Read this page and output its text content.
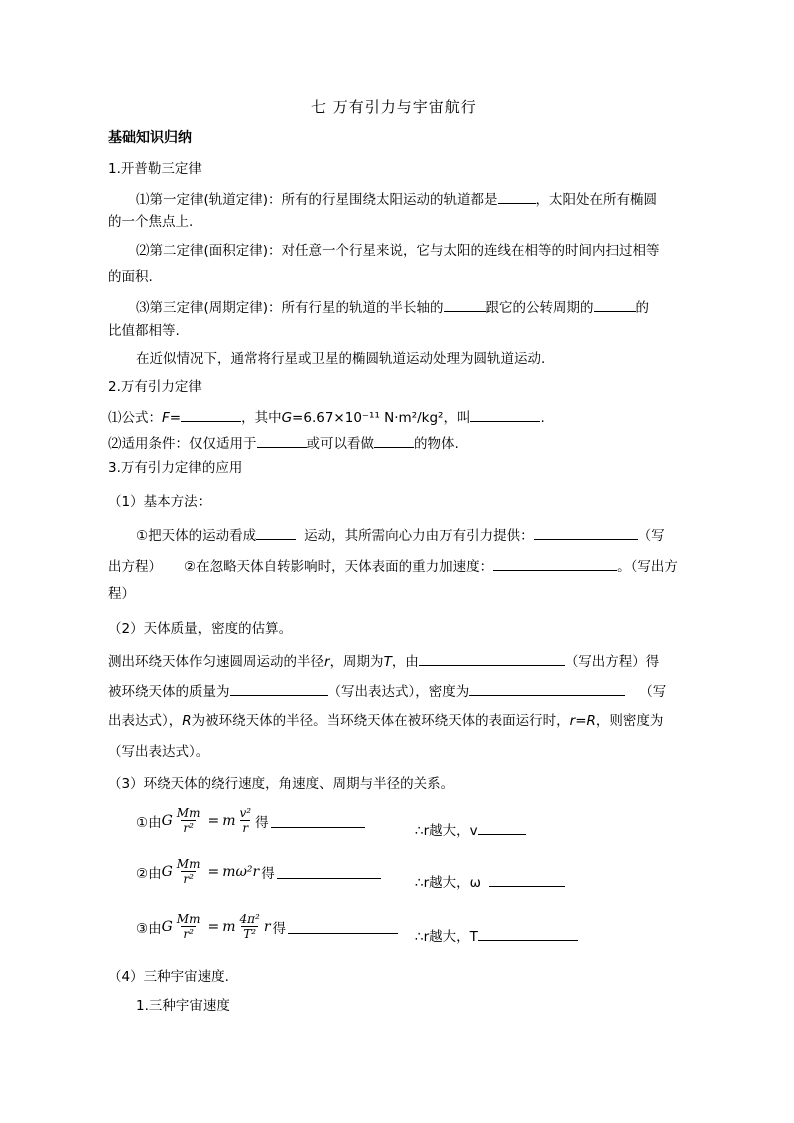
七 万有引力与宇宙航行
基础知识归纳
1.开普勒三定律
⑴第一定律(轨道定律)：所有的行星围绕太阳运动的轨道都是	，太阳处在所有椭圆
的一个焦点上.
⑵第二定律(面积定律)：对任意一个行星来说，它与太阳的连线在相等的时间内扫过相等
的面积.
⑶第三定律(周期定律)：所有行星的轨道的半长轴的	跟它的公转周期的	的
比值都相等.
在近似情况下，通常将行星或卫星的椭圆轨道运动处理为圆轨道运动.
2.万有引力定律
⑴公式：F=	，其中G=6.67×10⁻¹¹ N·m²/kg²，叫	.
⑵适用条件：仅仅适用于	或可以看做	的物体.
3.万有引力定律的应用
（1）基本方法：
①把天体的运动看成	运动，其所需向心力由万有引力提供：	（写
出方程） ②在忽略天体自转影响时，天体表面的重力加速度：	。（写出方
程）
（2）天体质量，密度的估算。
测出环绕天体作匀速圆周运动的半径r，周期为T，由	（写出方程）得
被环绕天体的质量为	（写出表达式），密度为	（写
出表达式），R为被环绕天体的半径。当环绕天体在被环绕天体的表面运行时，r=R，则密度为
（写出表达式）。
（3）环绕天体的绕行速度，角速度、周期与半径的关系。
①由 G $\frac{Mm}{\text{r²}} = m \frac{\text{v²}}{r}$ 得
∴r越大，v
②由 G $\frac{Mm}{\text{r²}} = m\omega^2r$ 得
∴r越大，ω
③由 G $\frac{Mm}{\text{r²}} = m \frac{\text{4π²}}{\text{T²}}$ r 得
∴r越大，T
（4）三种宇宙速度.
1.三种宇宙速度
